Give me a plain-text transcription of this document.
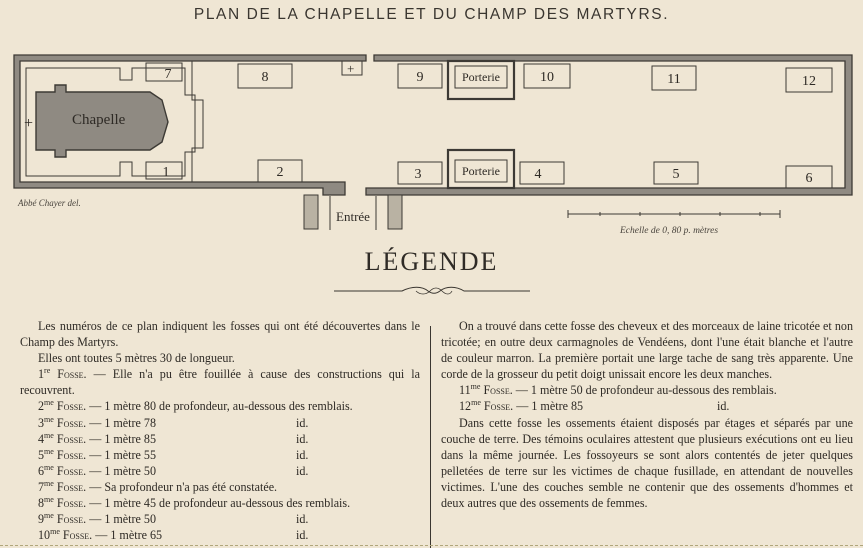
PLAN DE LA CHAPELLE ET DU CHAMP DES MARTYRS.
Chapelle
+
+
8	9	10	11	12
7
2	3	4	5	6
1
Porterie
Porterie
Entrée
Abbé Chayer del.
Echelle de 0, 80 p. mètres
LÉGENDE

Les numéros de ce plan indiquent les fosses qui ont été découvertes dans le Champ des Martyrs.

Elles ont toutes 5 mètres 30 de longueur.

1re Fosse. — Elle n'a pu être fouillée à cause des constructions qui la recouvrent.

$2^{me}$ Fosse. — 1 mètre 80 de profondeur, au-dessous des remblais.

$3^{me}$ Fosse. — 1 mètre 78	id.

$4^{me}$ Fosse. — 1 mètre 85	id.

$5^{me}$ Fosse. — 1 mètre 55	id.

$6^{me}$ Fosse. — 1 mètre 50	id.

$7^{me}$ Fosse. — Sa profondeur n'a pas été constatée.

$8^{me}$ Fosse. — 1 mètre 45 de profondeur au-dessous des remblais.

$9^{me}$ Fosse. — 1 mètre 50	id.

$10^{me}$ Fosse. — 1 mètre 65	id.

On a trouvé dans cette fosse des cheveux et des morceaux de laine tricotée et non tricotée; en outre deux carmagnoles de Vendéens, dont l'une était blanche et l'autre de couleur marron. La première portait une large tache de sang très apparente. Une corde de la grosseur du petit doigt unissait encore les deux manches.

$11^{me}$ Fosse. — 1 mètre 50 de profondeur au-dessous des remblais.

$12^{me}$ Fosse. — 1 mètre 85	id.

Dans cette fosse les ossements étaient disposés par étages et séparés par une couche de terre. Des témoins oculaires attestent que plusieurs exécutions ont eu lieu dans la même journée. Les fossoyeurs se sont alors contentés de jeter quelques pelletées de terre sur les victimes de chaque fusillade, en attendant de nouvelles victimes. L'une des couches semble ne contenir que des ossements d'hommes et deux autres que des ossements de femmes.
